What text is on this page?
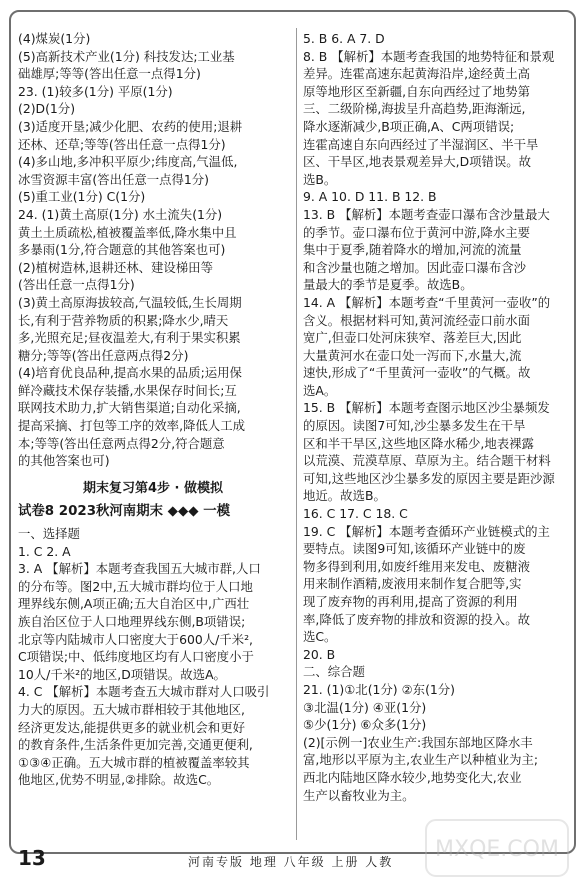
(4)煤炭(1分)
(5)高新技术产业(1分) 科技发达;工业基
础雄厚;等等(答出任意一点得1分)
23. (1)较多(1分) 平原(1分)
(2)D(1分)
(3)适度开垦;减少化肥、农药的使用;退耕
还林、还草;等等(答出任意一点得1分)
(4)多山地,多冲积平原少;纬度高,气温低,
冰雪资源丰富(答出任意一点得1分)
(5)重工业(1分) C(1分)
24. (1)黄土高原(1分) 水土流失(1分)
黄土土质疏松,植被覆盖率低,降水集中且
多暴雨(1分,符合题意的其他答案也可)
(2)植树造林,退耕还林、建设梯田等
(答出任意一点得1分)
(3)黄土高原海拔较高,气温较低,生长周期
长,有利于营养物质的积累;降水少,晴天
多,光照充足;昼夜温差大,有利于果实积累
糖分;等等(答出任意两点得2分)
(4)培育优良品种,提高水果的品质;运用保
鲜冷藏技术保存装播,水果保存时间长;互
联网技术助力,扩大销售渠道;自动化采摘,
提高采摘、打包等工序的效率,降低人工成
本;等等(答出任意两点得2分,符合题意
的其他答案也可)
期末复习第4步 · 做模拟
试卷8 2023秋河南期末 ◆◆◆ 一模
一、选择题
1. C 2. A
3. A 【解析】本题考查我国五大城市群,人口
的分布等。图2中,五大城市群均位于人口地
理界线东侧,A项正确;五大自治区中,广西壮
族自治区位于人口地理界线东侧,B项错误;
北京等内陆城市人口密度大于600人/千米²,
C项错误;中、低纬度地区均有人口密度小于
10人/千米²的地区,D项错误。故选A。
4. C 【解析】本题考查五大城市群对人口吸引
力大的原因。五大城市群相较于其他地区,
经济更发达,能提供更多的就业机会和更好
的教育条件,生活条件更加完善,交通更便利,
①③④正确。五大城市群的植被覆盖率较其
他地区,优势不明显,②排除。故选C。
5. B 6. A 7. D
8. B 【解析】本题考查我国的地势特征和景观
差异。连霍高速东起黄海沿岸,途经黄土高
原等地形区至新疆,自东向西经过了地势第
三、二级阶梯,海拔呈升高趋势,距海渐远,
降水逐渐减少,B项正确,A、C两项错误;
连霍高速自东向西经过了半湿润区、半干旱
区、干旱区,地表景观差异大,D项错误。故
选B。
9. A 10. D 11. B 12. B
13. B 【解析】本题考查壶口瀑布含沙量最大
的季节。壶口瀑布位于黄河中游,降水主要
集中于夏季,随着降水的增加,河流的流量
和含沙量也随之增加。因此壶口瀑布含沙
量最大的季节是夏季。故选B。
14. A 【解析】本题考查“千里黄河一壶收”的
含义。根据材料可知,黄河流经壶口前水面
宽广,但壶口处河床狭窄、落差巨大,因此
大量黄河水在壶口处一泻而下,水量大,流
速快,形成了“千里黄河一壶收”的气概。故
选A。
15. B 【解析】本题考查图示地区沙尘暴频发
的原因。读图7可知,沙尘暴多发生在干旱
区和半干旱区,这些地区降水稀少,地表裸露
以荒漠、荒漠草原、草原为主。结合题干材料
可知,这些地区沙尘暴多发的原因主要是距沙源
地近。故选B。
16. C 17. C 18. C
19. C 【解析】本题考查循环产业链模式的主
要特点。读图9可知,该循环产业链中的废
物多得到利用,如废纤维用来发电、废糖液
用来制作酒精,废液用来制作复合肥等,实
现了废弃物的再利用,提高了资源的利用
率,降低了废弃物的排放和资源的投入。故
选C。
20. B
二、综合题
21. (1)①北(1分) ②东(1分)
③北温(1分) ④亚(1分)
⑤少(1分) ⑥众多(1分)
(2)[示例一]农业生产:我国东部地区降水丰
富,地形以平原为主,农业生产以种植业为主;
西北内陆地区降水较少,地势变化大,农业
生产以畜牧业为主。
13	河南专版 地理 八年级 上册 人教 MXQE.COM
